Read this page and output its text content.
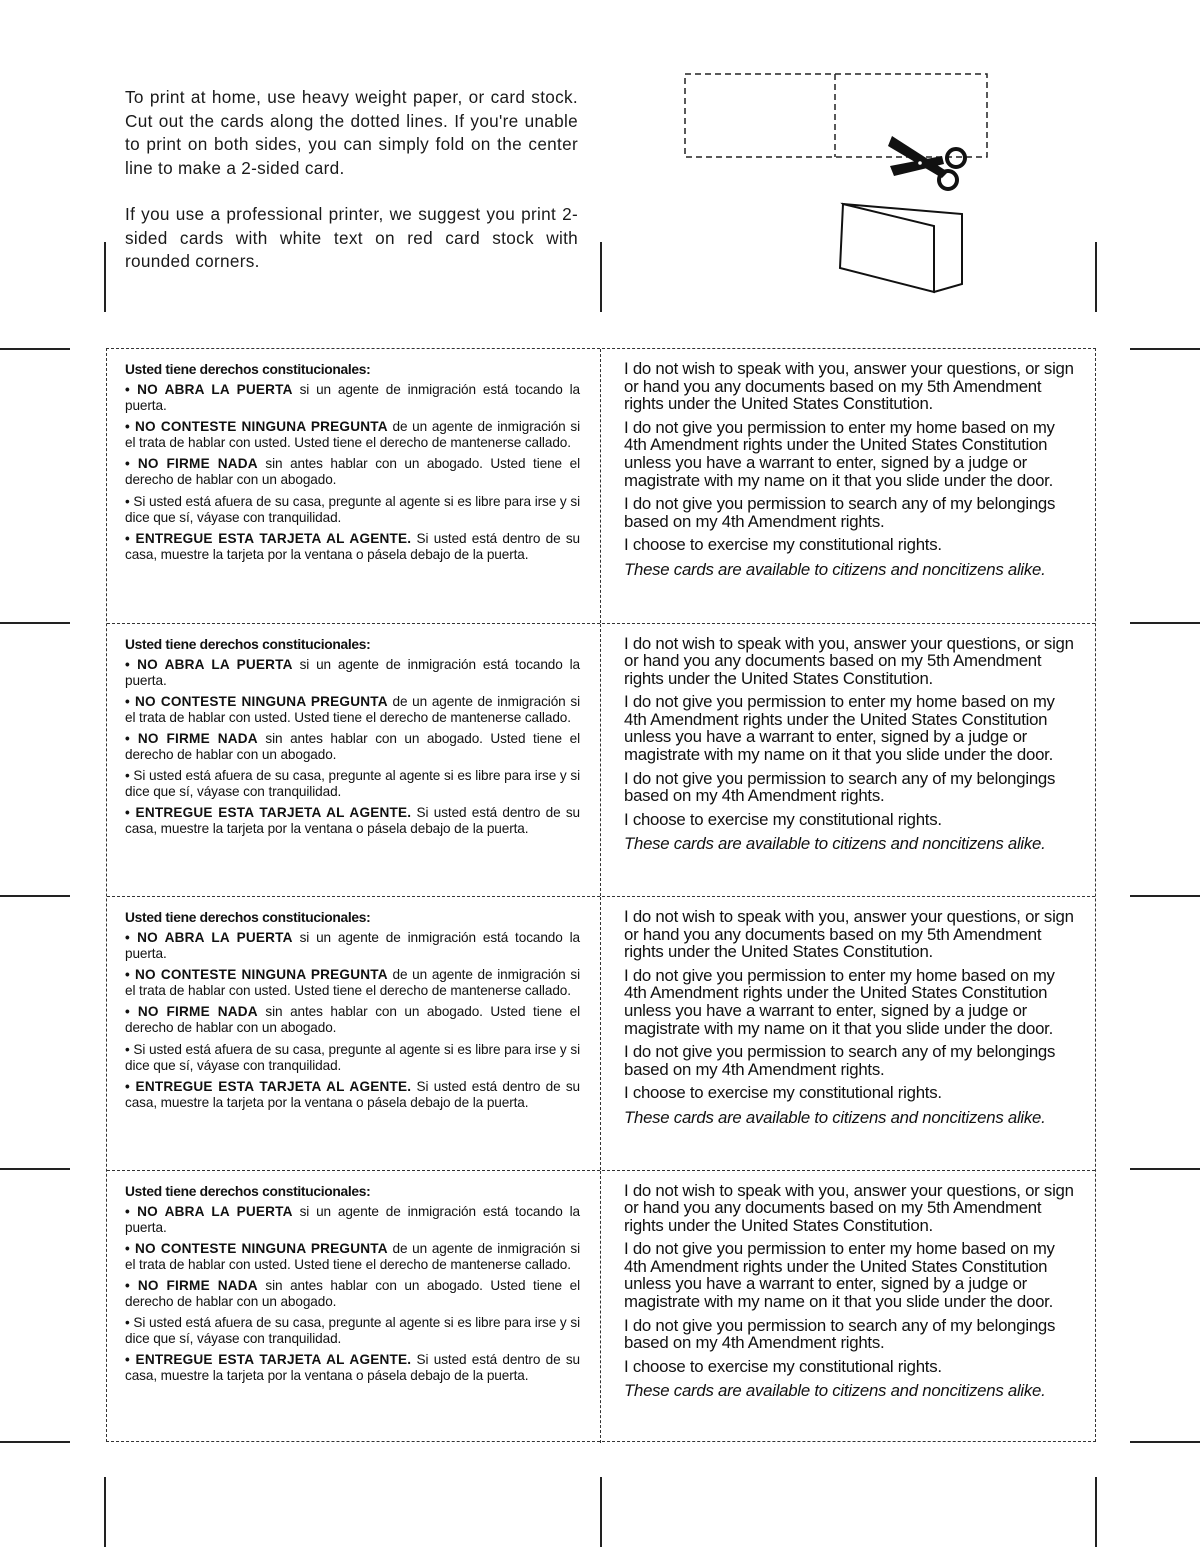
To print at home, use heavy weight paper, or card stock. Cut out the cards along the dotted lines. If you're unable to print on both sides, you can simply fold on the center line to make a 2-sided card.

If you use a professional printer, we suggest you print 2-sided cards with white text on red card stock with rounded corners.

Usted tiene derechos constitucionales:

• NO ABRA LA PUERTA si un agente de inmigración está tocando la puerta.

• NO CONTESTE NINGUNA PREGUNTA de un agente de inmigración si el trata de hablar con usted. Usted tiene el derecho de mantenerse callado.

• NO FIRME NADA sin antes hablar con un abogado. Usted tiene el derecho de hablar con un abogado.

• Si usted está afuera de su casa, pregunte al agente si es libre para irse y si dice que sí, váyase con tranquilidad.

• ENTREGUE ESTA TARJETA AL AGENTE. Si usted está dentro de su casa, muestre la tarjeta por la ventana o pásela debajo de la puerta.

I do not wish to speak with you, answer your questions, or sign or hand you any documents based on my 5th Amendment rights under the United States Constitution.

I do not give you permission to enter my home based on my 4th Amendment rights under the United States Constitution unless you have a warrant to enter, signed by a judge or magistrate with my name on it that you slide under the door.

I do not give you permission to search any of my belongings based on my 4th Amendment rights.

I choose to exercise my constitutional rights.

These cards are available to citizens and noncitizens alike.

Usted tiene derechos constitucionales:

• NO ABRA LA PUERTA si un agente de inmigración está tocando la puerta.

• NO CONTESTE NINGUNA PREGUNTA de un agente de inmigración si el trata de hablar con usted. Usted tiene el derecho de mantenerse callado.

• NO FIRME NADA sin antes hablar con un abogado. Usted tiene el derecho de hablar con un abogado.

• Si usted está afuera de su casa, pregunte al agente si es libre para irse y si dice que sí, váyase con tranquilidad.

• ENTREGUE ESTA TARJETA AL AGENTE. Si usted está dentro de su casa, muestre la tarjeta por la ventana o pásela debajo de la puerta.

I do not wish to speak with you, answer your questions, or sign or hand you any documents based on my 5th Amendment rights under the United States Constitution.

I do not give you permission to enter my home based on my 4th Amendment rights under the United States Constitution unless you have a warrant to enter, signed by a judge or magistrate with my name on it that you slide under the door.

I do not give you permission to search any of my belongings based on my 4th Amendment rights.

I choose to exercise my constitutional rights.

These cards are available to citizens and noncitizens alike.

Usted tiene derechos constitucionales:

• NO ABRA LA PUERTA si un agente de inmigración está tocando la puerta.

• NO CONTESTE NINGUNA PREGUNTA de un agente de inmigración si el trata de hablar con usted. Usted tiene el derecho de mantenerse callado.

• NO FIRME NADA sin antes hablar con un abogado. Usted tiene el derecho de hablar con un abogado.

• Si usted está afuera de su casa, pregunte al agente si es libre para irse y si dice que sí, váyase con tranquilidad.

• ENTREGUE ESTA TARJETA AL AGENTE. Si usted está dentro de su casa, muestre la tarjeta por la ventana o pásela debajo de la puerta.

I do not wish to speak with you, answer your questions, or sign or hand you any documents based on my 5th Amendment rights under the United States Constitution.

I do not give you permission to enter my home based on my 4th Amendment rights under the United States Constitution unless you have a warrant to enter, signed by a judge or magistrate with my name on it that you slide under the door.

I do not give you permission to search any of my belongings based on my 4th Amendment rights.

I choose to exercise my constitutional rights.

These cards are available to citizens and noncitizens alike.

Usted tiene derechos constitucionales:

• NO ABRA LA PUERTA si un agente de inmigración está tocando la puerta.

• NO CONTESTE NINGUNA PREGUNTA de un agente de inmigración si el trata de hablar con usted. Usted tiene el derecho de mantenerse callado.

• NO FIRME NADA sin antes hablar con un abogado. Usted tiene el derecho de hablar con un abogado.

• Si usted está afuera de su casa, pregunte al agente si es libre para irse y si dice que sí, váyase con tranquilidad.

• ENTREGUE ESTA TARJETA AL AGENTE. Si usted está dentro de su casa, muestre la tarjeta por la ventana o pásela debajo de la puerta.

I do not wish to speak with you, answer your questions, or sign or hand you any documents based on my 5th Amendment rights under the United States Constitution.

I do not give you permission to enter my home based on my 4th Amendment rights under the United States Constitution unless you have a warrant to enter, signed by a judge or magistrate with my name on it that you slide under the door.

I do not give you permission to search any of my belongings based on my 4th Amendment rights.

I choose to exercise my constitutional rights.

These cards are available to citizens and noncitizens alike.
